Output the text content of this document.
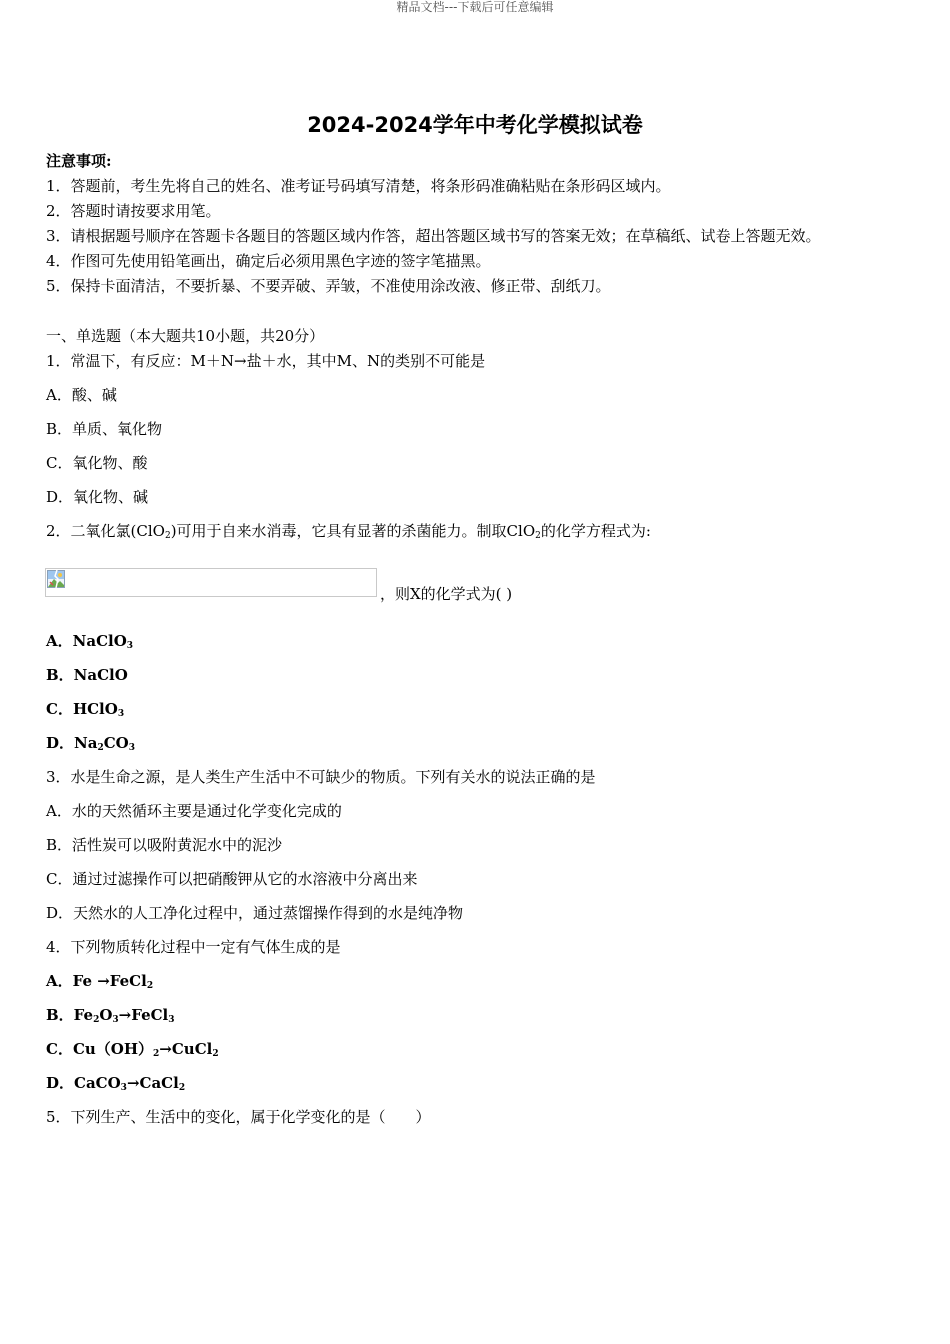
精品文档---下载后可任意编辑
2024-2024学年中考化学模拟试卷
注意事项:
1．答题前，考生先将自己的姓名、准考证号码填写清楚，将条形码准确粘贴在条形码区域内。
2．答题时请按要求用笔。
3．请根据题号顺序在答题卡各题目的答题区域内作答，超出答题区域书写的答案无效；在草稿纸、试卷上答题无效。
4．作图可先使用铅笔画出，确定后必须用黑色字迹的签字笔描黑。
5．保持卡面清洁，不要折暴、不要弄破、弄皱，不准使用涂改液、修正带、刮纸刀。
一、单选题（本大题共10小题，共20分）
1．常温下，有反应：M＋N→盐＋水，其中M、N的类别不可能是
A．酸、碱
B．单质、氧化物
C．氧化物、酸
D．氧化物、碱
2．二氧化氯(ClO$_2$)可用于自来水消毒，它具有显著的杀菌能力。制取ClO$_2$的化学方程式为:
，则X的化学式为( )
A．NaClO$_3$
B．NaClO
C．HClO$_3$
D．$Na_2CO_3$
3．水是生命之源，是人类生产生活中不可缺少的物质。下列有关水的说法正确的是
A．水的天然循环主要是通过化学变化完成的
B．活性炭可以吸附黄泥水中的泥沙
C．通过过滤操作可以把硝酸钾从它的水溶液中分离出来
D．天然水的人工净化过程中，通过蒸馏操作得到的水是纯净物
4．下列物质转化过程中一定有气体生成的是
A．Fe →FeCl$_2$
B．$Fe_2O_3\to FeCl_3$
C．$Cu(OH)_2\to CuCl_2$
D．CaCO$_3$→CaCl$_2$
5．下列生产、生活中的变化，属于化学变化的是（　　）
